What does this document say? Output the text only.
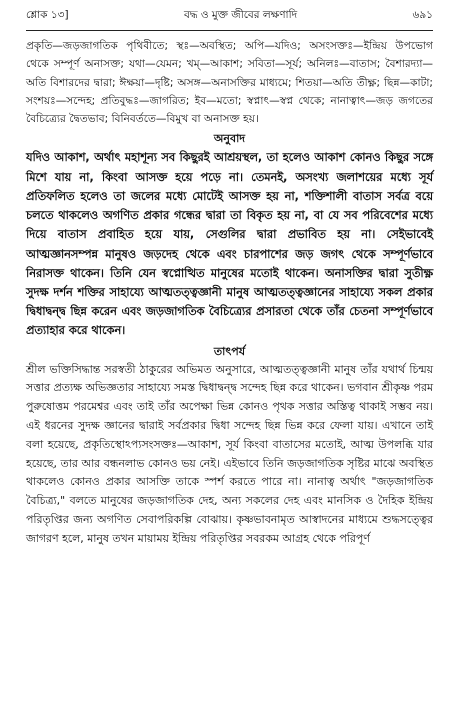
শ্লোক ১৩]	বদ্ধ ও মুক্ত জীবের লক্ষণাদি	৬৯১

প্রকৃতি—জড়জাগতিক পৃথিবীতে; স্থঃ—অবস্থিত; অপি—যদিও; অসংসক্তঃ—ইন্দ্রিয় উপভোগ থেকে সম্পূর্ণ অনাসক্ত; যথা—যেমন; খম্—আকাশ; সবিতা—সূর্য; অনিলঃ—বাতাস; বৈশারদ্যা—অতি বিশারদের দ্বারা; ঈক্ষয়া—দৃষ্টি; অসঙ্গ—অনাসক্তির মাধ্যমে; শিতয়া—অতি তীক্ষ্ণ; ছিন্ন—কাটা; সংশয়ঃ—সন্দেহ; প্রতিবুদ্ধঃ—জাগরিত; ইব—মতো; স্বপ্নাৎ—স্বপ্ন থেকে; নানাত্বাৎ—জড় জগতের বৈচিত্র্যের দ্বৈতভাব; বিনিবর্ততে—বিমুখ বা অনাসক্ত হয়।

অনুবাদ

যদিও আকাশ, অর্থাৎ মহাশূন্য সব কিছুরই আশ্রয়স্থল, তা হলেও আকাশ কোনও কিছুর সঙ্গে মিশে যায় না, কিংবা আসক্ত হয়ে পড়ে না। তেমনই, অসংখ্য জলাশয়ের মধ্যে সূর্য প্রতিফলিত হলেও তা জলের মধ্যে মোটেই আসক্ত হয় না, শক্তিশালী বাতাস সর্বত্র বয়ে চলতে থাকলেও অগণিত প্রকার গন্ধের দ্বারা তা বিকৃত হয় না, বা যে সব পরিবেশের মধ্যে দিয়ে বাতাস প্রবাহিত হয়ে যায়, সেগুলির দ্বারা প্রভাবিত হয় না। সেইভাবেই আত্মজ্ঞানসম্পন্ন মানুষও জড়দেহ থেকে এবং চারপাশের জড় জগৎ থেকে সম্পূর্ণভাবে নিরাসক্ত থাকেন। তিনি যেন স্বপ্নোত্থিত মানুষের মতোই থাকেন। অনাসক্তির দ্বারা সুতীক্ষ্ণ সুদক্ষ দর্শন শক্তির সাহায্যে আত্মতত্ত্বজ্ঞানী মানুষ আত্মতত্ত্বজ্ঞানের সাহায্যে সকল প্রকার দ্বিধাদ্বন্দ্ব ছিন্ন করেন এবং জড়জাগতিক বৈচিত্র্যের প্রসারতা থেকে তাঁর চেতনা সম্পূর্ণভাবে প্রত্যাহার করে থাকেন।

তাৎপর্য

শ্রীল ভক্তিসিদ্ধান্ত সরস্বতী ঠাকুরের অভিমত অনুসারে, আত্মতত্ত্বজ্ঞানী মানুষ তাঁর যথার্থ চিন্ময় সত্তার প্রত্যক্ষ অভিজ্ঞতার সাহায্যে সমস্ত দ্বিধাদ্বন্দ্ব সন্দেহ ছিন্ন করে থাকেন। ভগবান শ্রীকৃষ্ণ পরম পুরুষোত্তম পরমেশ্বর এবং তাই তাঁর অপেক্ষা ভিন্ন কোনও পৃথক সত্তার অস্তিত্ব থাকাই সম্ভব নয়। এই ধরনের সুদক্ষ জ্ঞানের দ্বারাই সর্বপ্রকার দ্বিধা সন্দেহ ছিন্ন ভিন্ন করে ফেলা যায়। এখানে তাই বলা হয়েছে, প্রকৃতিস্থোঽপ্যসংসক্তঃ—আকাশ, সূর্য কিংবা বাতাসের মতোই, আত্ম উপলব্ধি যার হয়েছে, তার আর বন্ধনলাভ কোনও ভয় নেই। এইভাবে তিনি জড়জাগতিক সৃষ্টির মাঝে অবস্থিত থাকলেও কোনও প্রকার আসক্তি তাকে স্পর্শ করতে পারে না। নানাত্ব অর্থাৎ "জড়জাগতিক বৈচিত্র্য," বলতে মানুষের জড়জাগতিক দেহ, অন্য সকলের দেহ এবং মানসিক ও দৈহিক ইন্দ্রিয় পরিতৃপ্তির জন্য অগণিত সেবাপরিকল্পি বোঝায়। কৃষ্ণভাবনামৃত আস্বাদনের মাধ্যমে শুদ্ধসত্ত্বের জাগরণ হলে, মানুষ তখন মায়াময় ইন্দ্রিয় পরিতৃপ্তির সবরকম আগ্রহ থেকে পরিপূর্ণ
